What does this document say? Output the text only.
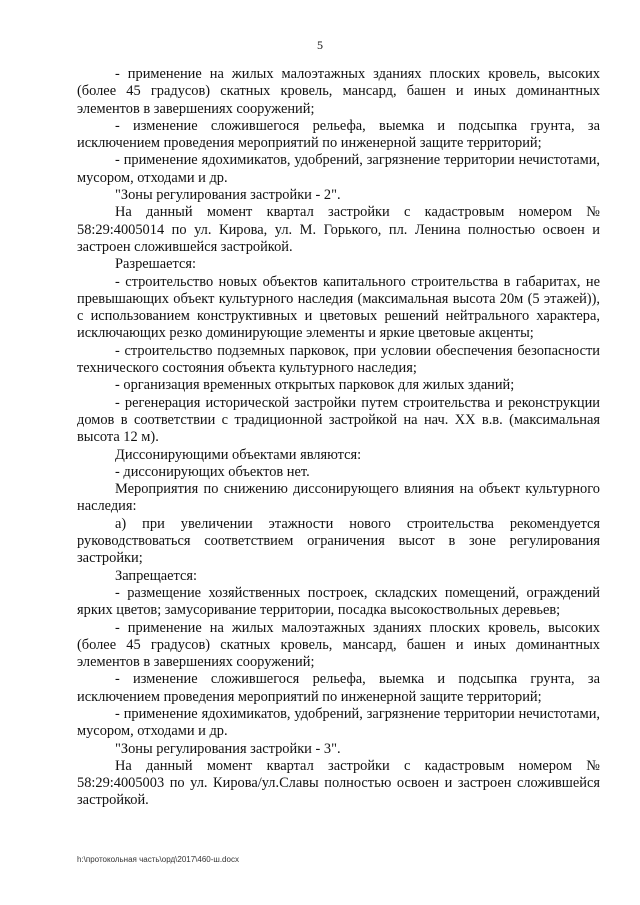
5

- применение на жилых малоэтажных зданиях плоских кровель, высоких (более 45 градусов) скатных кровель, мансард, башен и иных доминантных элементов в завершениях сооружений;

- изменение сложившегося рельефа, выемка и подсыпка грунта, за исключением проведения мероприятий по инженерной защите территорий;

- применение ядохимикатов, удобрений, загрязнение территории нечистотами, мусором, отходами и др.

"Зоны регулирования застройки - 2".

На данный момент квартал застройки с кадастровым номером № 58:29:4005014 по ул. Кирова, ул. М. Горького, пл. Ленина полностью освоен и застроен сложившейся застройкой.

Разрешается:

- строительство новых объектов капитального строительства в габаритах, не превышающих объект культурного наследия (максимальная высота 20м (5 этажей)), с использованием конструктивных и цветовых решений нейтрального характера, исключающих резко доминирующие элементы и яркие цветовые акценты;

- строительство подземных парковок, при условии обеспечения безопасности технического состояния объекта культурного наследия;

- организация временных открытых парковок для жилых зданий;

- регенерация исторической застройки путем строительства и реконструкции домов в соответствии с традиционной застройкой на нач. XX в.в. (максимальная высота 12 м).

Диссонирующими объектами являются:

- диссонирующих объектов нет.

Мероприятия по снижению диссонирующего влияния на объект культурного наследия:

а) при увеличении этажности нового строительства рекомендуется руководствоваться соответствием ограничения высот в зоне регулирования застройки;

Запрещается:

- размещение хозяйственных построек, складских помещений, ограждений ярких цветов; замусоривание территории, посадка высокоствольных деревьев;

- применение на жилых малоэтажных зданиях плоских кровель, высоких (более 45 градусов) скатных кровель, мансард, башен и иных доминантных элементов в завершениях сооружений;

- изменение сложившегося рельефа, выемка и подсыпка грунта, за исключением проведения мероприятий по инженерной защите территорий;

- применение ядохимикатов, удобрений, загрязнение территории нечистотами, мусором, отходами и др.

"Зоны регулирования застройки - 3".

На данный момент квартал застройки с кадастровым номером № 58:29:4005003 по ул. Кирова/ул.Славы полностью освоен и застроен сложившейся застройкой.

h:\протокольная часть\орд\2017\460-ш.docx
